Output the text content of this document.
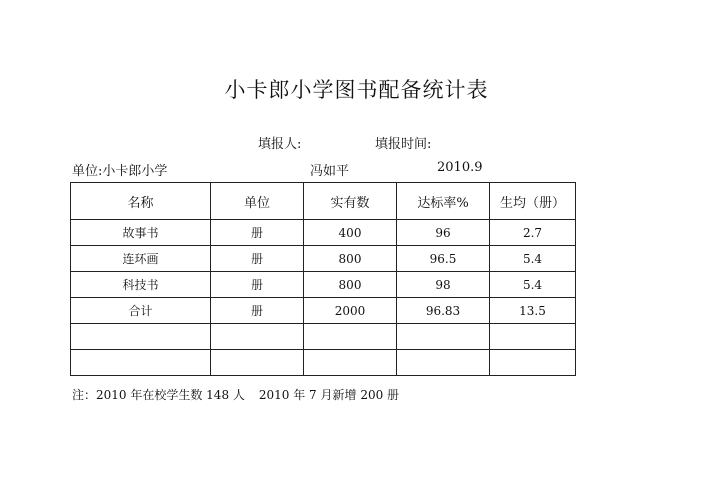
小卡郎小学图书配备统计表
填报人:	填报时间:
单位:小卡郎小学	冯如平	2010.9
名称	单位	实有数	达标率%	生均（册）
故事书	册	400	96	2.7
连环画	册	800	96.5	5.4
科技书	册	800	98	5.4
合计	册	2000	96.83	13.5

注：2010 年在校学生数 148 人 2010 年 7 月新增 200 册
